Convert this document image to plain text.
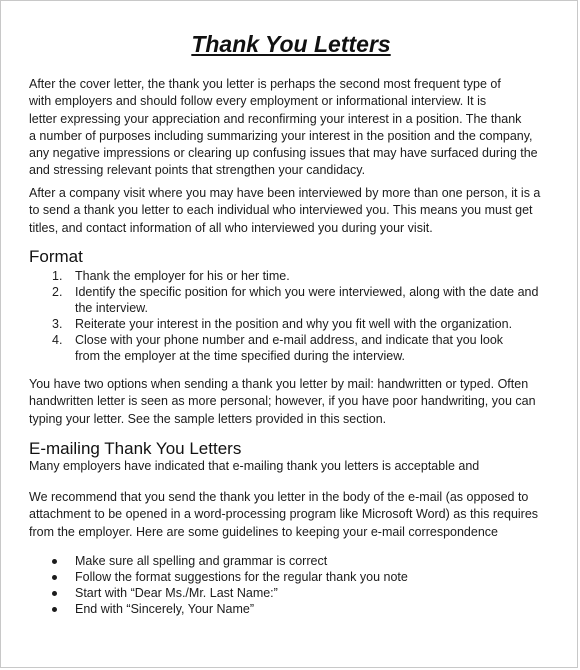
Thank You Letters
After the cover letter, the thank you letter is perhaps the second most frequent type of
with employers and should follow every employment or informational interview. It is
letter expressing your appreciation and reconfirming your interest in a position. The thank
a number of purposes including summarizing your interest in the position and the company,
any negative impressions or clearing up confusing issues that may have surfaced during the
and stressing relevant points that strengthen your candidacy.
After a company visit where you may have been interviewed by more than one person, it is a
to send a thank you letter to each individual who interviewed you. This means you must get
titles, and contact information of all who interviewed you during your visit.
Format
1. Thank the employer for his or her time.
2. Identify the specific position for which you were interviewed, along with the date and
the interview.
3. Reiterate your interest in the position and why you fit well with the organization.
4. Close with your phone number and e-mail address, and indicate that you look
from the employer at the time specified during the interview.
You have two options when sending a thank you letter by mail: handwritten or typed. Often
handwritten letter is seen as more personal; however, if you have poor handwriting, you can
typing your letter. See the sample letters provided in this section.
E-mailing Thank You Letters
Many employers have indicated that e-mailing thank you letters is acceptable and
We recommend that you send the thank you letter in the body of the e-mail (as opposed to
attachment to be opened in a word-processing program like Microsoft Word) as this requires
from the employer. Here are some guidelines to keeping your e-mail correspondence
Make sure all spelling and grammar is correct
Follow the format suggestions for the regular thank you note
Start with “Dear Ms./Mr. Last Name:”
End with “Sincerely, Your Name”
